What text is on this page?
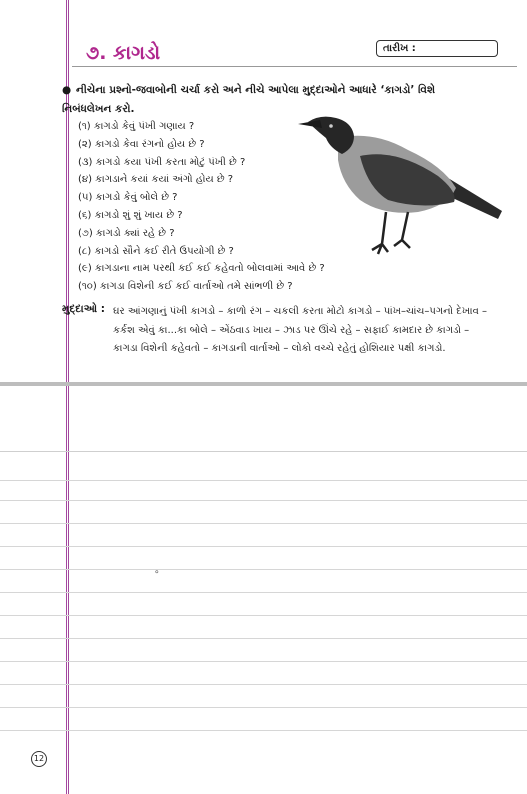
૭. કાગડો	તારીખ :
● નીચેના પ્રશ્નો-જવાબોની ચર્ચા કરો અને નીચે આપેલા મુદ્દાઓને આધારે ‘કાગડો’ વિશે નિબંધલેખન કરો.
(૧) કાગડો કેવું પંખી ગણાય ?
(૨) કાગડો કેવા રંગનો હોય છે ?
(૩) કાગડો કયા પંખી કરતા મોટું પંખી છે ?
(૪) કાગડાને કયાં કયાં અંગો હોય છે ?
(૫) કાગડો કેવું બોલે છે ?
(૬) કાગડો શું શું ખાય છે ?
(૭) કાગડો ક્યાં રહે છે ?
(૮) કાગડો સૌને કઈ રીતે ઉપયોગી છે ?
(૯) કાગડાના નામ પરથી કઈ કઈ કહેવતો બોલવામાં આવે છે ?
(૧૦) કાગડા વિશેની કઈ કઈ વાર્તાઓ તમે સાંભળી છે ?
મુદ્દાઓ : ઘર આંગણાનું પંખી કાગડો – કાળો રંગ – ચકલી કરતા મોટો કાગડો – પાંખ–ચાંચ–પગનો દેખાવ – કર્કશ એવું કા...કા બોલે – એંઠવાડ ખાય – ઝાડ પર ઊંચે રહે – સફાઈ કામદાર છે કાગડો – કાગડા વિશેની કહેવતો – કાગડાની વાર્તાઓ – લોકો વચ્ચે રહેતું હોશિયાર પક્ષી કાગડો.
०
12
